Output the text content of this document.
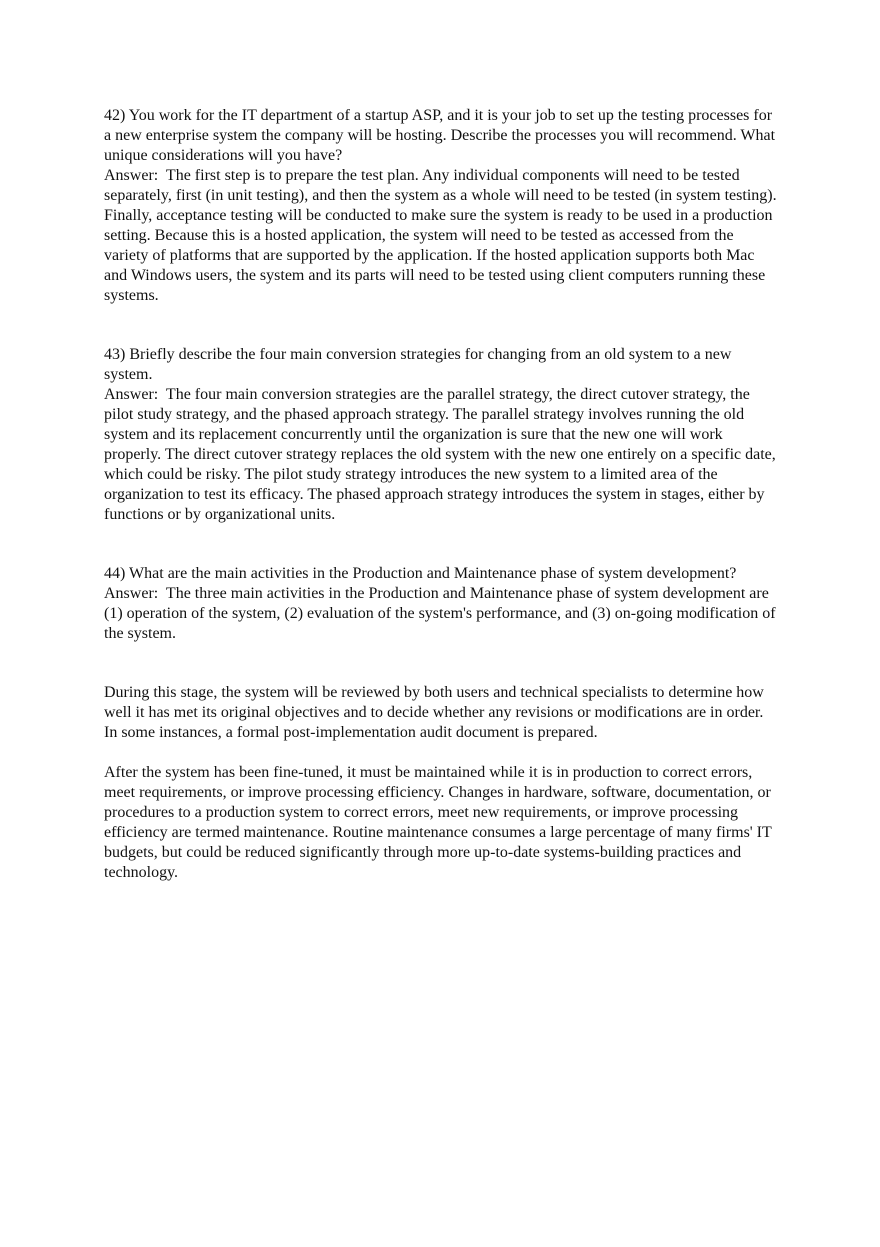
42) You work for the IT department of a startup ASP, and it is your job to set up the testing processes for a new enterprise system the company will be hosting. Describe the processes you will recommend. What unique considerations will you have?

Answer:  The first step is to prepare the test plan. Any individual components will need to be tested separately, first (in unit testing), and then the system as a whole will need to be tested (in system testing). Finally, acceptance testing will be conducted to make sure the system is ready to be used in a production setting. Because this is a hosted application, the system will need to be tested as accessed from the variety of platforms that are supported by the application. If the hosted application supports both Mac and Windows users, the system and its parts will need to be tested using client computers running these systems.

43) Briefly describe the four main conversion strategies for changing from an old system to a new system.

Answer:  The four main conversion strategies are the parallel strategy, the direct cutover strategy, the pilot study strategy, and the phased approach strategy. The parallel strategy involves running the old system and its replacement concurrently until the organization is sure that the new one will work properly. The direct cutover strategy replaces the old system with the new one entirely on a specific date, which could be risky. The pilot study strategy introduces the new system to a limited area of the organization to test its efficacy. The phased approach strategy introduces the system in stages, either by functions or by organizational units.

44) What are the main activities in the Production and Maintenance phase of system development?

Answer:  The three main activities in the Production and Maintenance phase of system development are (1) operation of the system, (2) evaluation of the system's performance, and (3) on-going modification of the system.

During this stage, the system will be reviewed by both users and technical specialists to determine how well it has met its original objectives and to decide whether any revisions or modifications are in order. In some instances, a formal post-implementation audit document is prepared.

After the system has been fine-tuned, it must be maintained while it is in production to correct errors, meet requirements, or improve processing efficiency. Changes in hardware, software, documentation, or procedures to a production system to correct errors, meet new requirements, or improve processing efficiency are termed maintenance. Routine maintenance consumes a large percentage of many firms' IT budgets, but could be reduced significantly through more up-to-date systems-building practices and technology.
